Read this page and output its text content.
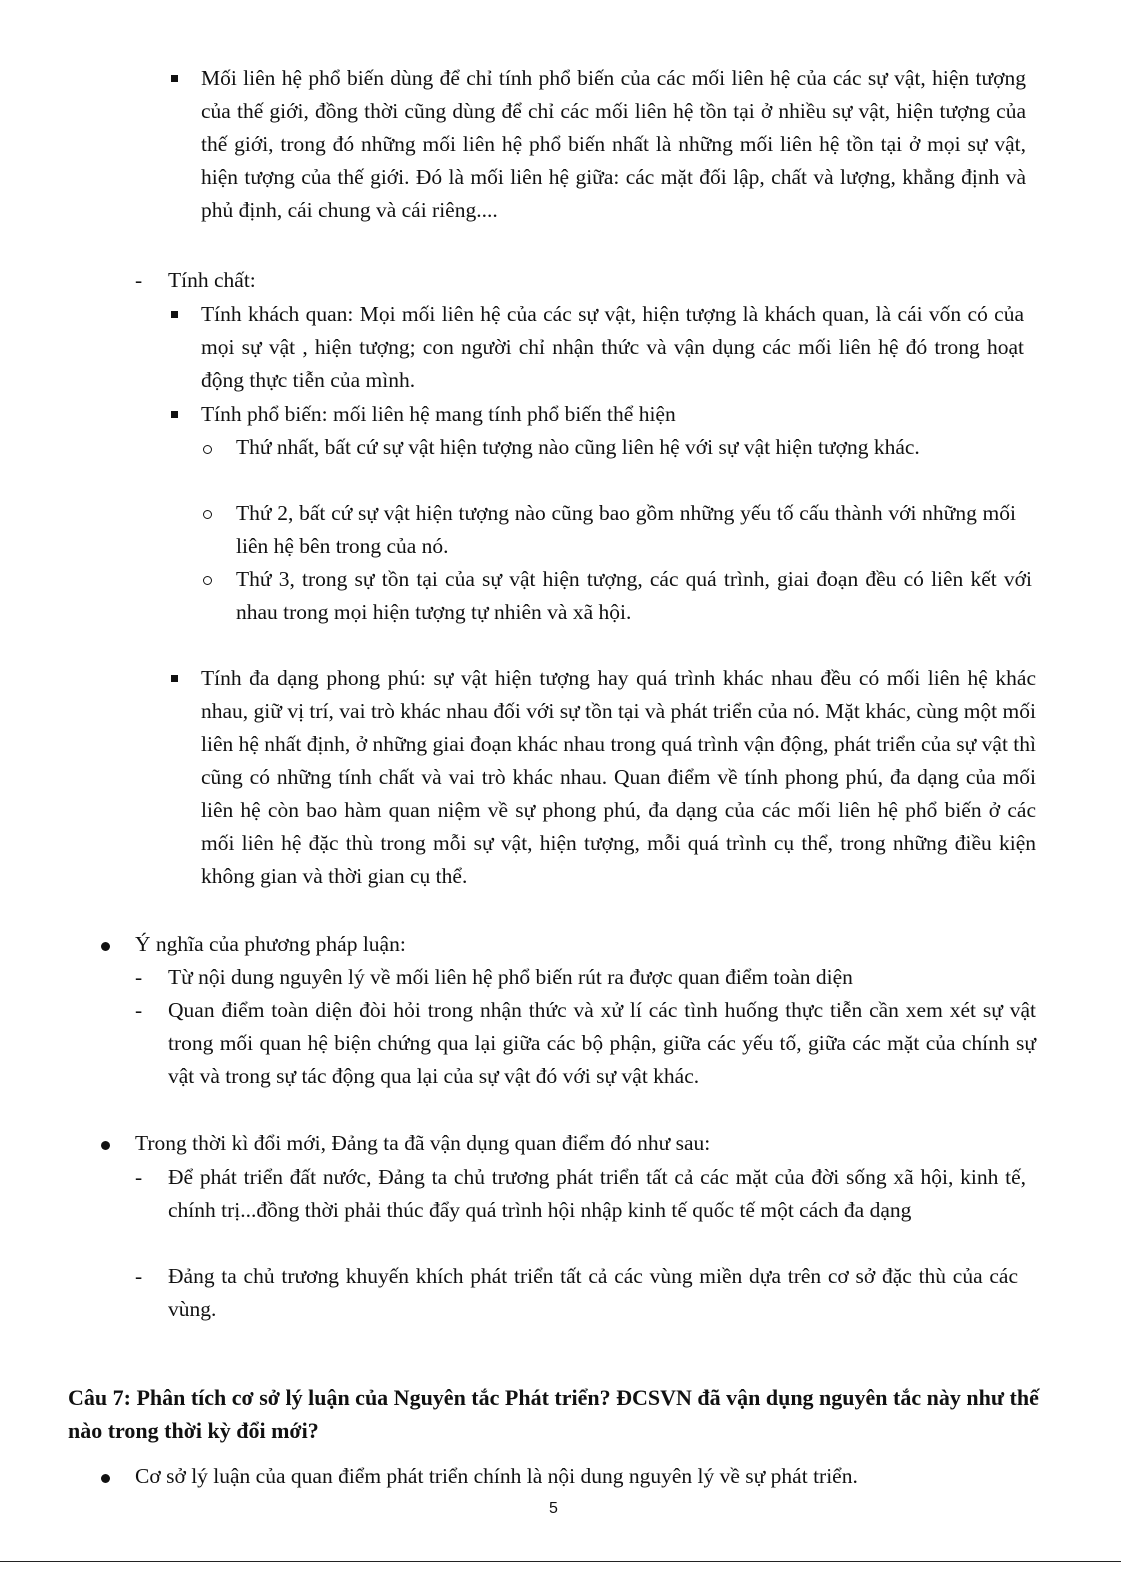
Mối liên hệ phổ biến dùng để chỉ tính phổ biến của các mối liên hệ của các sự vật, hiện tượng của thế giới, đồng thời cũng dùng để chỉ các mối liên hệ tồn tại ở nhiều sự vật, hiện tượng của thế giới, trong đó những mối liên hệ phổ biến nhất là những mối liên hệ tồn tại ở mọi sự vật, hiện tượng của thế giới. Đó là mối liên hệ giữa: các mặt đối lập, chất và lượng, khẳng định và phủ định, cái chung và cái riêng....
- Tính chất:
Tính khách quan: Mọi mối liên hệ của các sự vật, hiện tượng là khách quan, là cái vốn có của mọi sự vật , hiện tượng; con người chỉ nhận thức và vận dụng các mối liên hệ đó trong hoạt động thực tiễn của mình.
Tính phổ biến: mối liên hệ mang tính phổ biến thể hiện
Thứ nhất, bất cứ sự vật hiện tượng nào cũng liên hệ với sự vật hiện tượng khác.
Thứ 2, bất cứ sự vật hiện tượng nào cũng bao gồm những yếu tố cấu thành với những mối liên hệ bên trong của nó.
Thứ 3, trong sự tồn tại của sự vật hiện tượng, các quá trình, giai đoạn đều có liên kết với nhau trong mọi hiện tượng tự nhiên và xã hội.
Tính đa dạng phong phú: sự vật hiện tượng hay quá trình khác nhau đều có mối liên hệ khác nhau, giữ vị trí, vai trò khác nhau đối với sự tồn tại và phát triển của nó. Mặt khác, cùng một mối liên hệ nhất định, ở những giai đoạn khác nhau trong quá trình vận động, phát triển của sự vật thì cũng có những tính chất và vai trò khác nhau. Quan điểm về tính phong phú, đa dạng của mối liên hệ còn bao hàm quan niệm về sự phong phú, đa dạng của các mối liên hệ phổ biến ở các mối liên hệ đặc thù trong mỗi sự vật, hiện tượng, mỗi quá trình cụ thể, trong những điều kiện không gian và thời gian cụ thể.
Ý nghĩa của phương pháp luận:
- Từ nội dung nguyên lý về mối liên hệ phổ biến rút ra được quan điểm toàn diện
- Quan điểm toàn diện đòi hỏi trong nhận thức và xử lí các tình huống thực tiễn cần xem xét sự vật trong mối quan hệ biện chứng qua lại giữa các bộ phận, giữa các yếu tố, giữa các mặt của chính sự vật và trong sự tác động qua lại của sự vật đó với sự vật khác.
Trong thời kì đổi mới, Đảng ta đã vận dụng quan điểm đó như sau:
- Để phát triển đất nước, Đảng ta chủ trương phát triển tất cả các mặt của đời sống xã hội, kinh tế, chính trị...đồng thời phải thúc đẩy quá trình hội nhập kinh tế quốc tế một cách đa dạng
- Đảng ta chủ trương khuyến khích phát triển tất cả các vùng miền dựa trên cơ sở đặc thù của các vùng.
Câu 7: Phân tích cơ sở lý luận của Nguyên tắc Phát triển? ĐCSVN đã vận dụng nguyên tắc này như thế nào trong thời kỳ đổi mới?
Cơ sở lý luận của quan điểm phát triển chính là nội dung nguyên lý về sự phát triển.
5
